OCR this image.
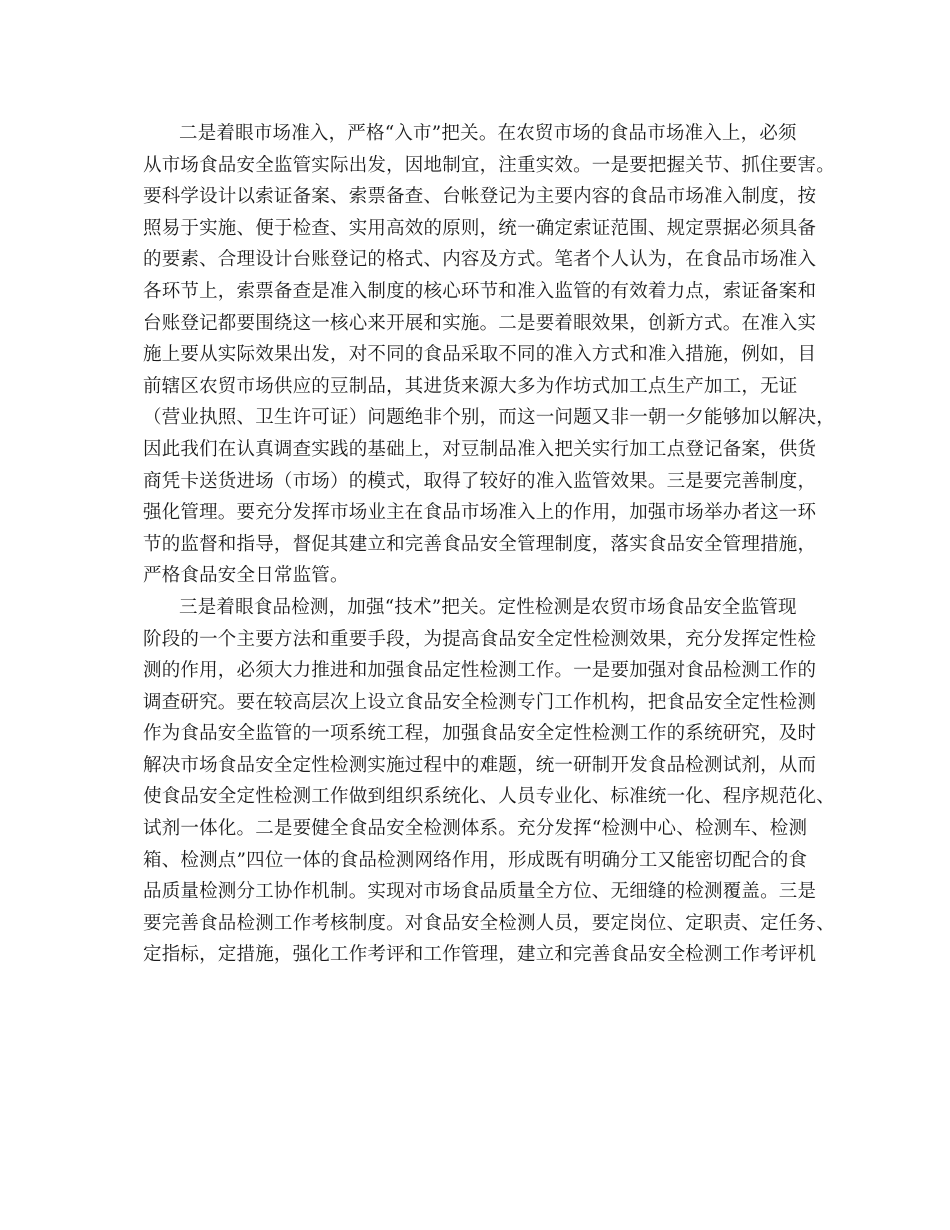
二是着眼市场准入，严格“入市”把关。在农贸市场的食品市场准入上，必须
从市场食品安全监管实际出发，因地制宜，注重实效。一是要把握关节、抓住要害。
要科学设计以索证备案、索票备查、台帐登记为主要内容的食品市场准入制度，按
照易于实施、便于检查、实用高效的原则，统一确定索证范围、规定票据必须具备
的要素、合理设计台账登记的格式、内容及方式。笔者个人认为，在食品市场准入
各环节上，索票备查是准入制度的核心环节和准入监管的有效着力点，索证备案和
台账登记都要围绕这一核心来开展和实施。二是要着眼效果，创新方式。在准入实
施上要从实际效果出发，对不同的食品采取不同的准入方式和准入措施，例如，目
前辖区农贸市场供应的豆制品，其进货来源大多为作坊式加工点生产加工，无证
（营业执照、卫生许可证）问题绝非个别，而这一问题又非一朝一夕能够加以解决，
因此我们在认真调查实践的基础上，对豆制品准入把关实行加工点登记备案，供货
商凭卡送货进场（市场）的模式，取得了较好的准入监管效果。三是要完善制度，
强化管理。要充分发挥市场业主在食品市场准入上的作用，加强市场举办者这一环
节的监督和指导，督促其建立和完善食品安全管理制度，落实食品安全管理措施，
严格食品安全日常监管。
三是着眼食品检测，加强“技术”把关。定性检测是农贸市场食品安全监管现
阶段的一个主要方法和重要手段，为提高食品安全定性检测效果，充分发挥定性检
测的作用，必须大力推进和加强食品定性检测工作。一是要加强对食品检测工作的
调查研究。要在较高层次上设立食品安全检测专门工作机构，把食品安全定性检测
作为食品安全监管的一项系统工程，加强食品安全定性检测工作的系统研究，及时
解决市场食品安全定性检测实施过程中的难题，统一研制开发食品检测试剂，从而
使食品安全定性检测工作做到组织系统化、人员专业化、标准统一化、程序规范化、
试剂一体化。二是要健全食品安全检测体系。充分发挥“检测中心、检测车、检测
箱、检测点”四位一体的食品检测网络作用，形成既有明确分工又能密切配合的食
品质量检测分工协作机制。实现对市场食品质量全方位、无细缝的检测覆盖。三是
要完善食品检测工作考核制度。对食品安全检测人员，要定岗位、定职责、定任务、
定指标，定措施，强化工作考评和工作管理，建立和完善食品安全检测工作考评机
